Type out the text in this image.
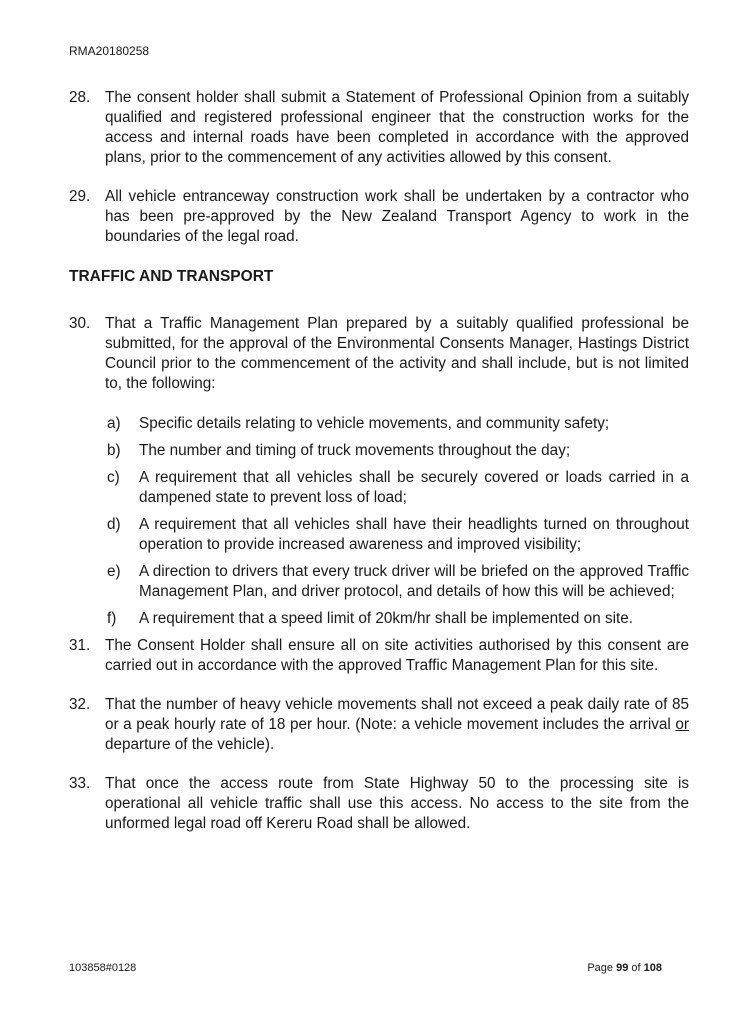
RMA20180258
28. The consent holder shall submit a Statement of Professional Opinion from a suitably qualified and registered professional engineer that the construction works for the access and internal roads have been completed in accordance with the approved plans, prior to the commencement of any activities allowed by this consent.
29. All vehicle entranceway construction work shall be undertaken by a contractor who has been pre-approved by the New Zealand Transport Agency to work in the boundaries of the legal road.
TRAFFIC AND TRANSPORT
30. That a Traffic Management Plan prepared by a suitably qualified professional be submitted, for the approval of the Environmental Consents Manager, Hastings District Council prior to the commencement of the activity and shall include, but is not limited to, the following:
a)	Specific details relating to vehicle movements, and community safety;
b)	The number and timing of truck movements throughout the day;
c)	A requirement that all vehicles shall be securely covered or loads carried in a dampened state to prevent loss of load;
d)	A requirement that all vehicles shall have their headlights turned on throughout operation to provide increased awareness and improved visibility;
e)	A direction to drivers that every truck driver will be briefed on the approved Traffic Management Plan, and driver protocol, and details of how this will be achieved;
f)	A requirement that a speed limit of 20km/hr shall be implemented on site.
31. The Consent Holder shall ensure all on site activities authorised by this consent are carried out in accordance with the approved Traffic Management Plan for this site.
32. That the number of heavy vehicle movements shall not exceed a peak daily rate of 85 or a peak hourly rate of 18 per hour. (Note: a vehicle movement includes the arrival or departure of the vehicle).
33. That once the access route from State Highway 50 to the processing site is operational all vehicle traffic shall use this access. No access to the site from the unformed legal road off Kereru Road shall be allowed.
103858#0128	Page 99 of 108
